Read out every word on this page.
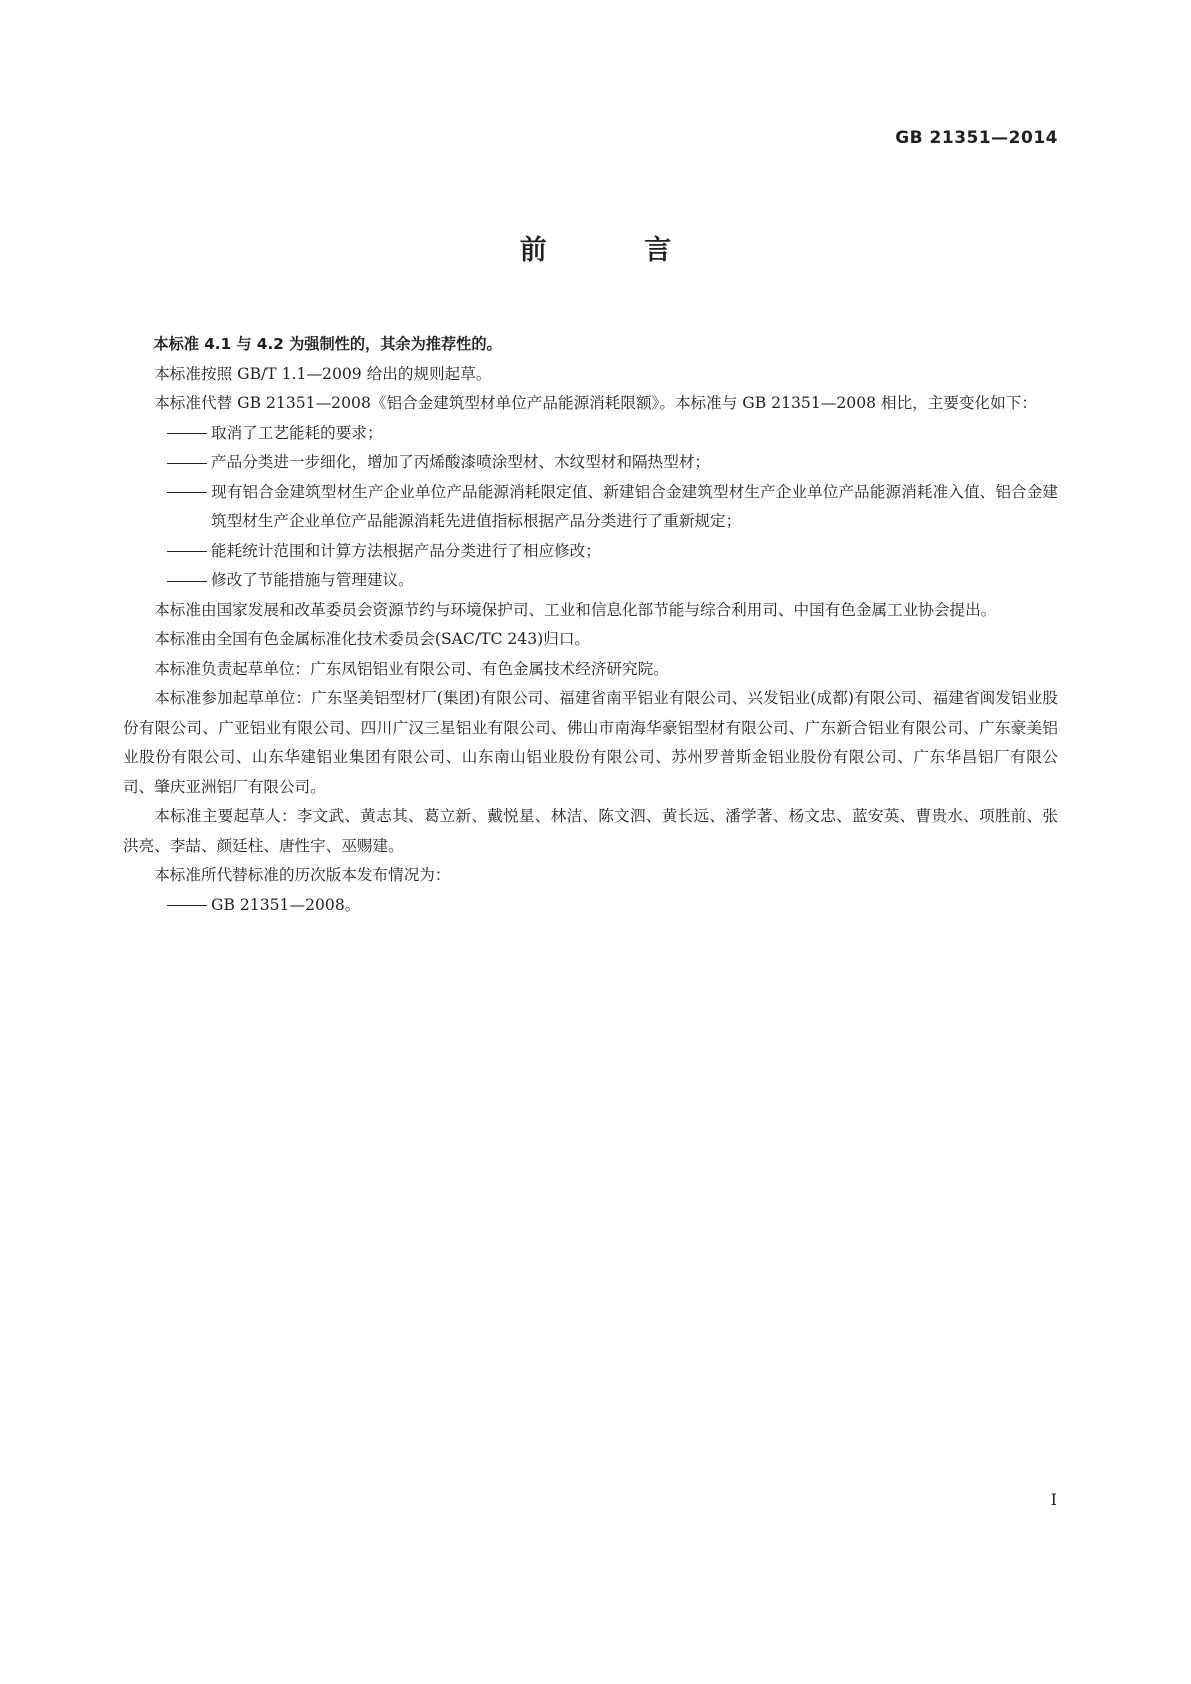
GB 21351—2014
前 言

本标准 4.1 与 4.2 为强制性的，其余为推荐性的。

本标准按照 GB/T 1.1—2009 给出的规则起草。

本标准代替 GB 21351—2008《铝合金建筑型材单位产品能源消耗限额》。本标准与 GB 21351—2008 相比，主要变化如下：

取消了工艺能耗的要求；

产品分类进一步细化，增加了丙烯酸漆喷涂型材、木纹型材和隔热型材；

现有铝合金建筑型材生产企业单位产品能源消耗限定值、新建铝合金建筑型材生产企业单位产品能源消耗准入值、铝合金建筑型材生产企业单位产品能源消耗先进值指标根据产品分类进行了重新规定；

能耗统计范围和计算方法根据产品分类进行了相应修改；

修改了节能措施与管理建议。

本标准由国家发展和改革委员会资源节约与环境保护司、工业和信息化部节能与综合利用司、中国有色金属工业协会提出。

本标准由全国有色金属标准化技术委员会(SAC/TC 243)归口。

本标准负责起草单位：广东凤铝铝业有限公司、有色金属技术经济研究院。

本标准参加起草单位：广东坚美铝型材厂(集团)有限公司、福建省南平铝业有限公司、兴发铝业(成都)有限公司、福建省闽发铝业股份有限公司、广亚铝业有限公司、四川广汉三星铝业有限公司、佛山市南海华豪铝型材有限公司、广东新合铝业有限公司、广东豪美铝业股份有限公司、山东华建铝业集团有限公司、山东南山铝业股份有限公司、苏州罗普斯金铝业股份有限公司、广东华昌铝厂有限公司、肇庆亚洲铝厂有限公司。

本标准主要起草人：李文武、黄志其、葛立新、戴悦星、林洁、陈文泗、黄长远、潘学著、杨文忠、蓝安英、曹贵水、项胜前、张洪亮、李喆、颜廷柱、唐性宇、巫赐建。

本标准所代替标准的历次版本发布情况为：

GB 21351—2008。

I
